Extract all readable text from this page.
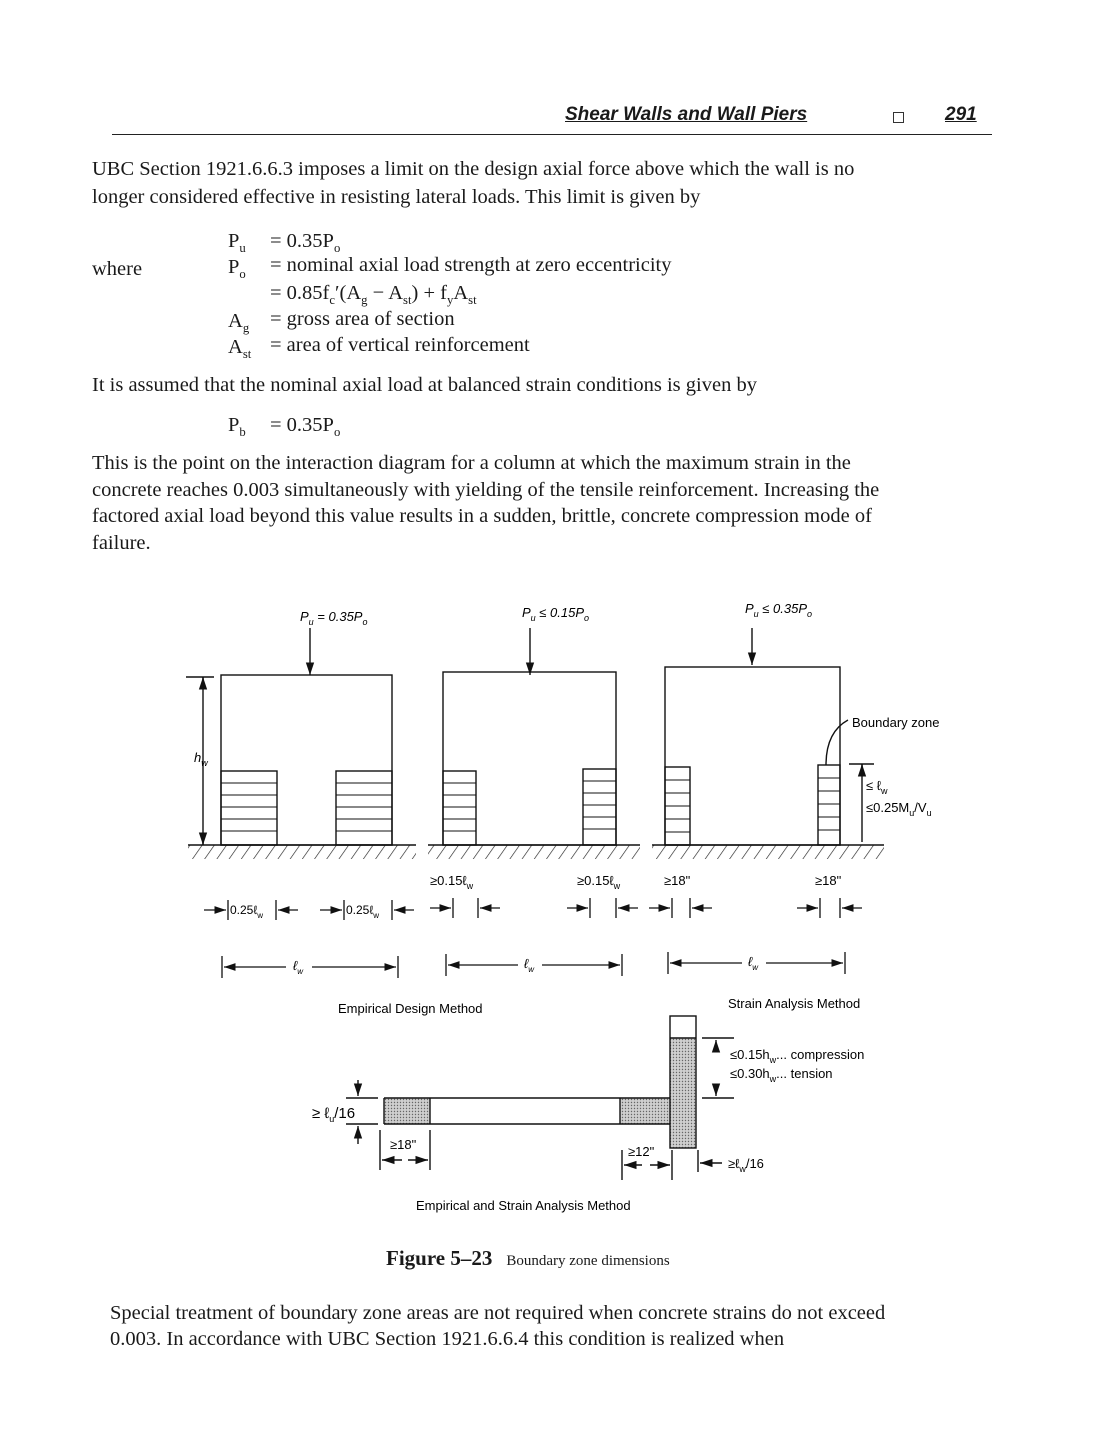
Shear Walls and Wall Piers	291
UBC Section 1921.6.6.3 imposes a limit on the design axial force above which the wall is no
longer considered effective in resisting lateral loads. This limit is given by
$P_u = 0.35P_o$
where	$P_o$ = nominal axial load strength at zero eccentricity
= $0.85f_c'(A_g - A_{st}) + f_yA_{st}$
$A_g$ = gross area of section
$A_{st}$ = area of vertical reinforcement
It is assumed that the nominal axial load at balanced strain conditions is given by
$P_b = 0.35P_o$
This is the point on the interaction diagram for a column at which the maximum strain in the
concrete reaches 0.003 simultaneously with yielding of the tensile reinforcement. Increasing the
factored axial load beyond this value results in a sudden, brittle, concrete compression mode of
failure.
$P_u = 0.35P_o$
$P_u \le 0.15P_o$
$P_u \le 0.35P_o$
$h_w$
Boundary zone
≤ ℓ$_w$
$\le 0.25M_u/V_u$
≥0.15ℓ$_w$	≥0.15ℓ$_w$	≥18"	≥18"
0.25ℓ$_w$	0.25ℓ$_w$
ℓ$_w$
ℓ$_w$
ℓ$_w$
Empirical Design Method	Strain Analysis Method
$\le 0.15h_w$... compression
$\le 0.30h_w$... tension
≥ ℓ$_u$/16
≥18"	≥12"
≥ℓ$_w$/16
Empirical and Strain Analysis Method
Figure 5–23 Boundary zone dimensions
Special treatment of boundary zone areas are not required when concrete strains do not exceed
0.003. In accordance with UBC Section 1921.6.6.4 this condition is realized when
